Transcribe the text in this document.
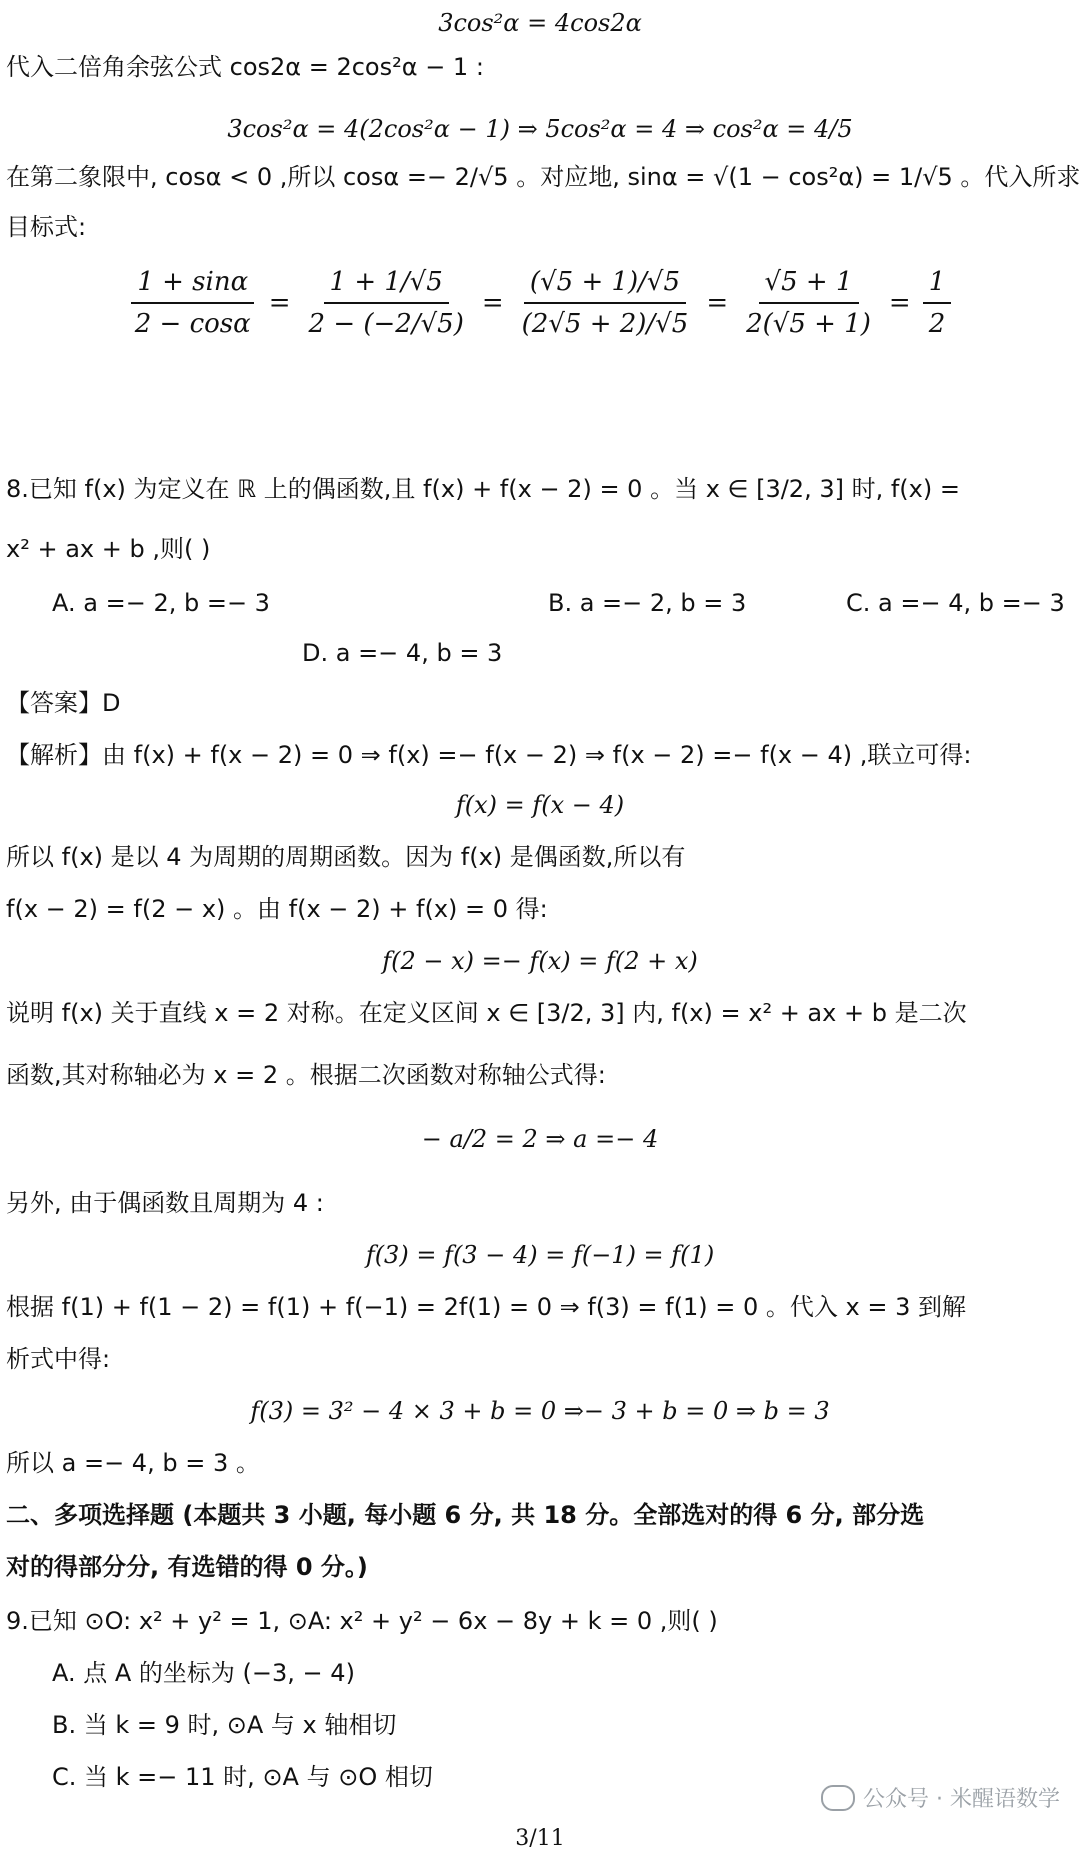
3cos²α = 4cos2α
代入二倍角余弦公式 cos2α = 2cos²α − 1 :
3cos²α = 4(2cos²α − 1) ⇒ 5cos²α = 4 ⇒ cos²α = 4/5
在第二象限中, cosα < 0 ,所以 cosα =− 2/√5 。对应地, sinα = √(1 − cos²α) = 1/√5 。代入所求
目标式:
$\frac{1 + \sin\alpha}{2 - \cos\alpha} = \frac{1 + 1/√5}{2 - (-2/√5)} = \frac{(√5 + 1)/√5}{(2√5 + 2)/√5} = \frac{√5 + 1}{2(√5 + 1)} = \frac{1}{2}$
8.已知 f(x) 为定义在 ℝ 上的偶函数,且 f(x) + f(x − 2) = 0 。当 x ∈ [3/2, 3] 时, f(x) =
x² + ax + b ,则( )
A. a =− 2, b =− 3	B. a =− 2, b = 3	C. a =− 4, b =− 3
D. a =− 4, b = 3
【答案】D
【解析】由 f(x) + f(x − 2) = 0 ⇒ f(x) =− f(x − 2) ⇒ f(x − 2) =− f(x − 4) ,联立可得:
f(x) = f(x − 4)
所以 f(x) 是以 4 为周期的周期函数。因为 f(x) 是偶函数,所以有
f(x − 2) = f(2 − x) 。由 f(x − 2) + f(x) = 0 得:
f(2 − x) =− f(x) = f(2 + x)
说明 f(x) 关于直线 x = 2 对称。在定义区间 x ∈ [3/2, 3] 内, f(x) = x² + ax + b 是二次
函数,其对称轴必为 x = 2 。根据二次函数对称轴公式得:
− a/2 = 2 ⇒ a =− 4
另外, 由于偶函数且周期为 4 :
f(3) = f(3 − 4) = f(−1) = f(1)
根据 f(1) + f(1 − 2) = f(1) + f(−1) = 2f(1) = 0 ⇒ f(3) = f(1) = 0 。代入 x = 3 到解
析式中得:
f(3) = 3² − 4 × 3 + b = 0 ⇒− 3 + b = 0 ⇒ b = 3
所以 a =− 4, b = 3 。
二、多项选择题 (本题共 3 小题, 每小题 6 分, 共 18 分。全部选对的得 6 分, 部分选
对的得部分分, 有选错的得 0 分。)
9.已知 ⊙O: x² + y² = 1, ⊙A: x² + y² − 6x − 8y + k = 0 ,则( )
A. 点 A 的坐标为 (−3, − 4)
B. 当 k = 9 时, ⊙A 与 x 轴相切
C. 当 k =− 11 时, ⊙A 与 ⊙O 相切
公众号 · 米醒语数学
3/11
